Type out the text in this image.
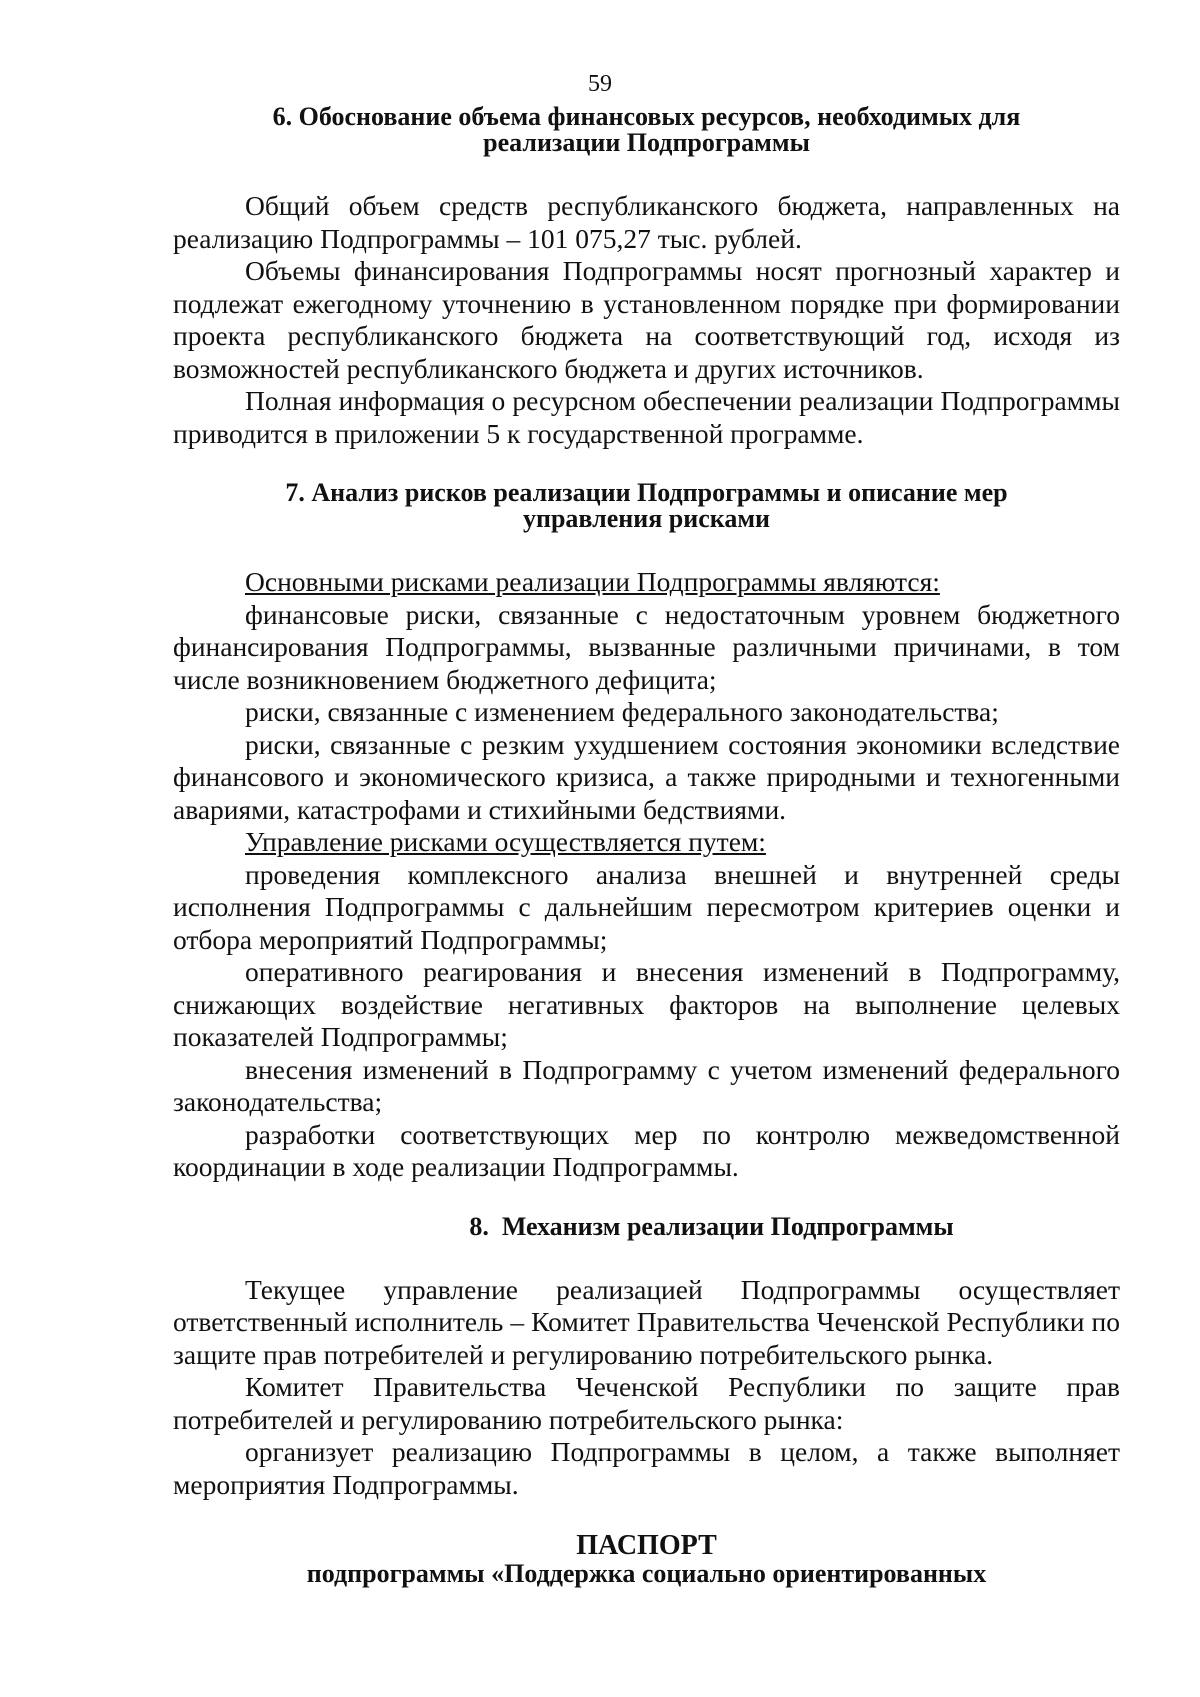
59
6. Обоснование объема финансовых ресурсов, необходимых для
реализации Подпрограммы

Общий объем средств республиканского бюджета, направленных на реализацию Подпрограммы – 101 075,27 тыс. рублей.

Объемы финансирования Подпрограммы носят прогнозный характер и подлежат ежегодному уточнению в установленном порядке при формировании проекта республиканского бюджета на соответствующий год, исходя из возможностей республиканского бюджета и других источников.

Полная информация о ресурсном обеспечении реализации Подпрограммы приводится в приложении 5 к государственной программе.

7. Анализ рисков реализации Подпрограммы и описание мер
управления рисками

Основными рисками реализации Подпрограммы являются:

финансовые риски, связанные с недостаточным уровнем бюджетного финансирования Подпрограммы, вызванные различными причинами, в том числе возникновением бюджетного дефицита;

риски, связанные с изменением федерального законодательства;

риски, связанные с резким ухудшением состояния экономики вследствие финансового и экономического кризиса, а также природными и техногенными авариями, катастрофами и стихийными бедствиями.

Управление рисками осуществляется путем:

проведения комплексного анализа внешней и внутренней среды исполнения Подпрограммы с дальнейшим пересмотром критериев оценки и отбора мероприятий Подпрограммы;

оперативного реагирования и внесения изменений в Подпрограмму, снижающих воздействие негативных факторов на выполнение целевых показателей Подпрограммы;

внесения изменений в Подпрограмму с учетом изменений федерального законодательства;

разработки соответствующих мер по контролю межведомственной координации в ходе реализации Подпрограммы.

8.  Механизм реализации Подпрограммы

Текущее управление реализацией Подпрограммы осуществляет ответственный исполнитель – Комитет Правительства Чеченской Республики по защите прав потребителей и регулированию потребительского рынка.

Комитет Правительства Чеченской Республики по защите прав потребителей и регулированию потребительского рынка:

организует реализацию Подпрограммы в целом, а также выполняет мероприятия Подпрограммы.

ПАСПОРТ
подпрограммы «Поддержка социально ориентированных
